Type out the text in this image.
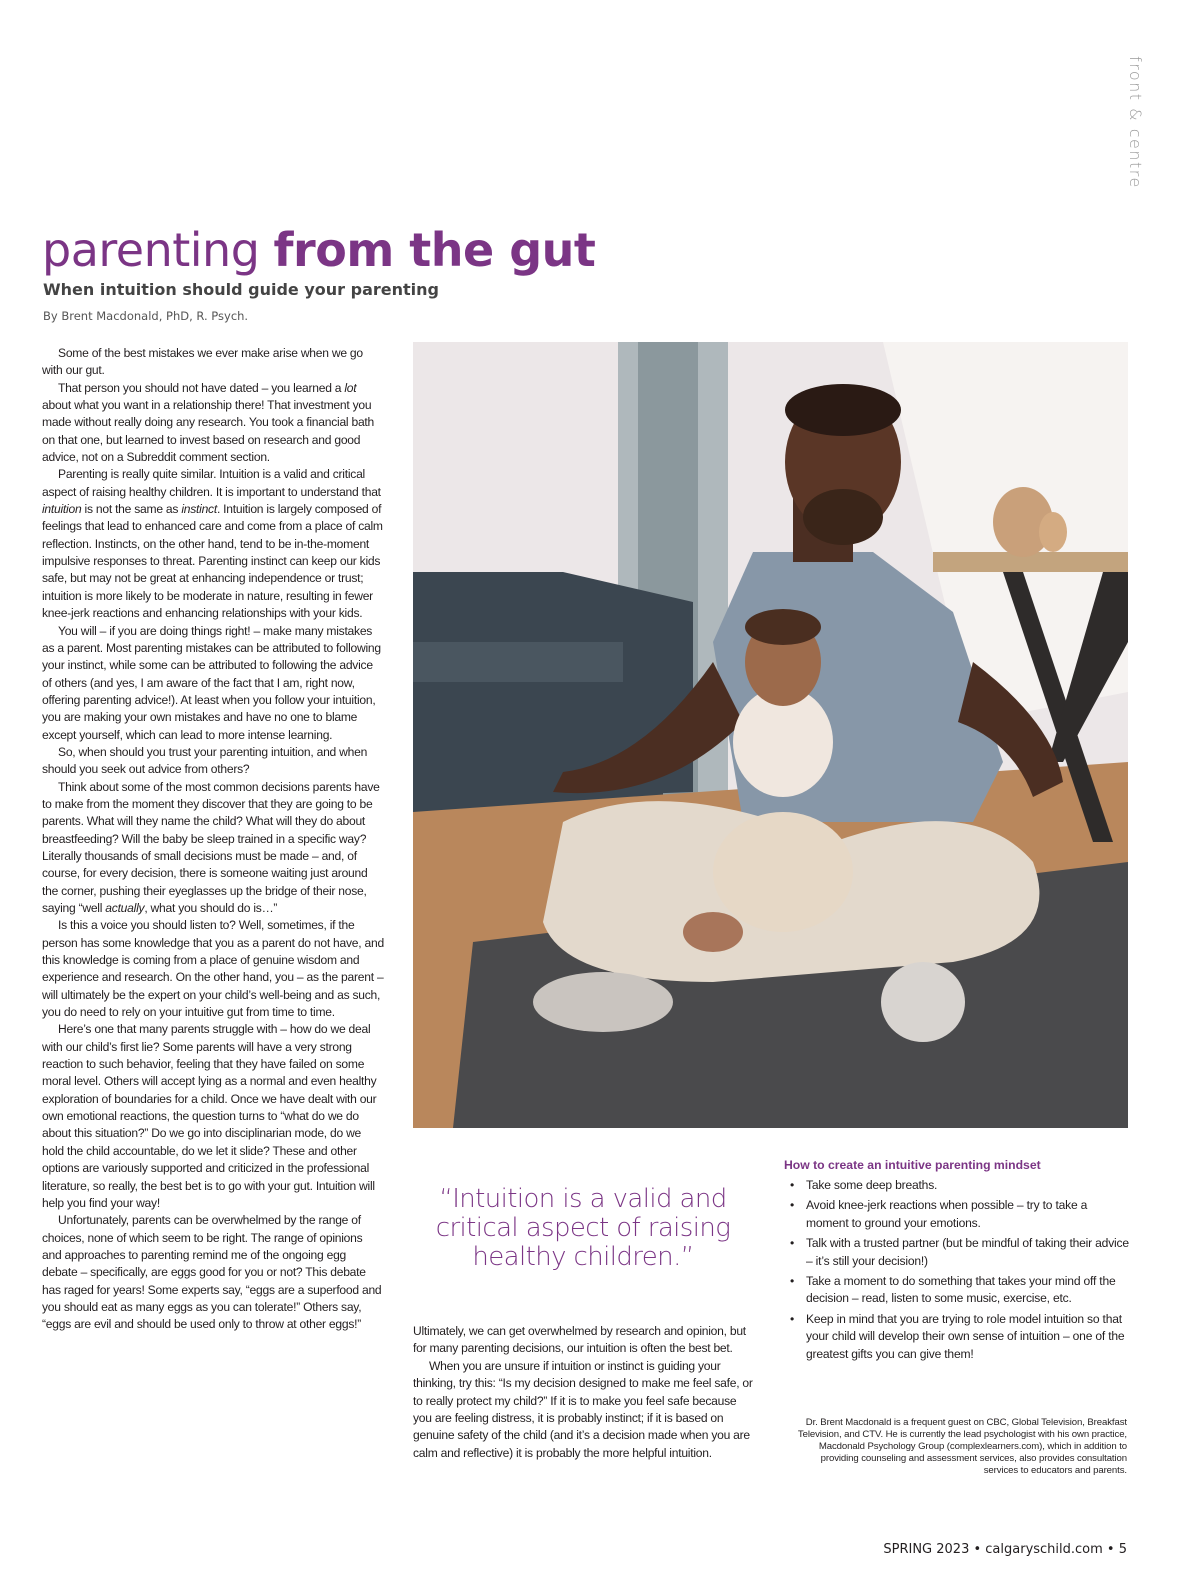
front & centre
parenting from the gut
When intuition should guide your parenting
By Brent Macdonald, PhD, R. Psych.

Some of the best mistakes we ever make arise when we go with our gut.

That person you should not have dated – you learned a lot about what you want in a relationship there! That investment you made without really doing any research. You took a financial bath on that one, but learned to invest based on research and good advice, not on a Subreddit comment section.

Parenting is really quite similar. Intuition is a valid and critical aspect of raising healthy children. It is important to understand that intuition is not the same as instinct. Intuition is largely composed of feelings that lead to enhanced care and come from a place of calm reflection. Instincts, on the other hand, tend to be in-the-moment impulsive responses to threat. Parenting instinct can keep our kids safe, but may not be great at enhancing independence or trust; intuition is more likely to be moderate in nature, resulting in fewer knee-jerk reactions and enhancing relationships with your kids.

You will – if you are doing things right! – make many mistakes as a parent. Most parenting mistakes can be attributed to following your instinct, while some can be attributed to following the advice of others (and yes, I am aware of the fact that I am, right now, offering parenting advice!). At least when you follow your intuition, you are making your own mistakes and have no one to blame except yourself, which can lead to more intense learning.

So, when should you trust your parenting intuition, and when should you seek out advice from others?

Think about some of the most common decisions parents have to make from the moment they discover that they are going to be parents. What will they name the child? What will they do about breastfeeding? Will the baby be sleep trained in a specific way? Literally thousands of small decisions must be made – and, of course, for every decision, there is someone waiting just around the corner, pushing their eyeglasses up the bridge of their nose, saying “well actually, what you should do is…”

Is this a voice you should listen to? Well, sometimes, if the person has some knowledge that you as a parent do not have, and this knowledge is coming from a place of genuine wisdom and experience and research. On the other hand, you – as the parent – will ultimately be the expert on your child’s well-being and as such, you do need to rely on your intuitive gut from time to time.

Here’s one that many parents struggle with – how do we deal with our child’s first lie? Some parents will have a very strong reaction to such behavior, feeling that they have failed on some moral level. Others will accept lying as a normal and even healthy exploration of boundaries for a child. Once we have dealt with our own emotional reactions, the question turns to “what do we do about this situation?” Do we go into disciplinarian mode, do we hold the child accountable, do we let it slide? These and other options are variously supported and criticized in the professional literature, so really, the best bet is to go with your gut. Intuition will help you find your way!

Unfortunately, parents can be overwhelmed by the range of choices, none of which seem to be right. The range of opinions and approaches to parenting remind me of the ongoing egg debate – specifically, are eggs good for you or not? This debate has raged for years! Some experts say, “eggs are a superfood and you should eat as many eggs as you can tolerate!” Others say, “eggs are evil and should be used only to throw at other eggs!”

“Intuition is a valid and critical aspect of raising healthy children.”

Ultimately, we can get overwhelmed by research and opinion, but for many parenting decisions, our intuition is often the best bet.

When you are unsure if intuition or instinct is guiding your thinking, try this: “Is my decision designed to make me feel safe, or to really protect my child?” If it is to make you feel safe because you are feeling distress, it is probably instinct; if it is based on genuine safety of the child (and it’s a decision made when you are calm and reflective) it is probably the more helpful intuition.

How to create an intuitive parenting mindset
• Take some deep breaths.
• Avoid knee-jerk reactions when possible – try to take a moment to ground your emotions.
• Talk with a trusted partner (but be mindful of taking their advice – it’s still your decision!)
• Take a moment to do something that takes your mind off the decision – read, listen to some music, exercise, etc.
• Keep in mind that you are trying to role model intuition so that your child will develop their own sense of intuition – one of the greatest gifts you can give them!
Dr. Brent Macdonald is a frequent guest on CBC, Global Television, Breakfast Television, and CTV. He is currently the lead psychologist with his own practice, Macdonald Psychology Group (complexlearners.com), which in addition to providing counseling and assessment services, also provides consultation services to educators and parents.
SPRING 2023 • calgaryschild.com • 5
